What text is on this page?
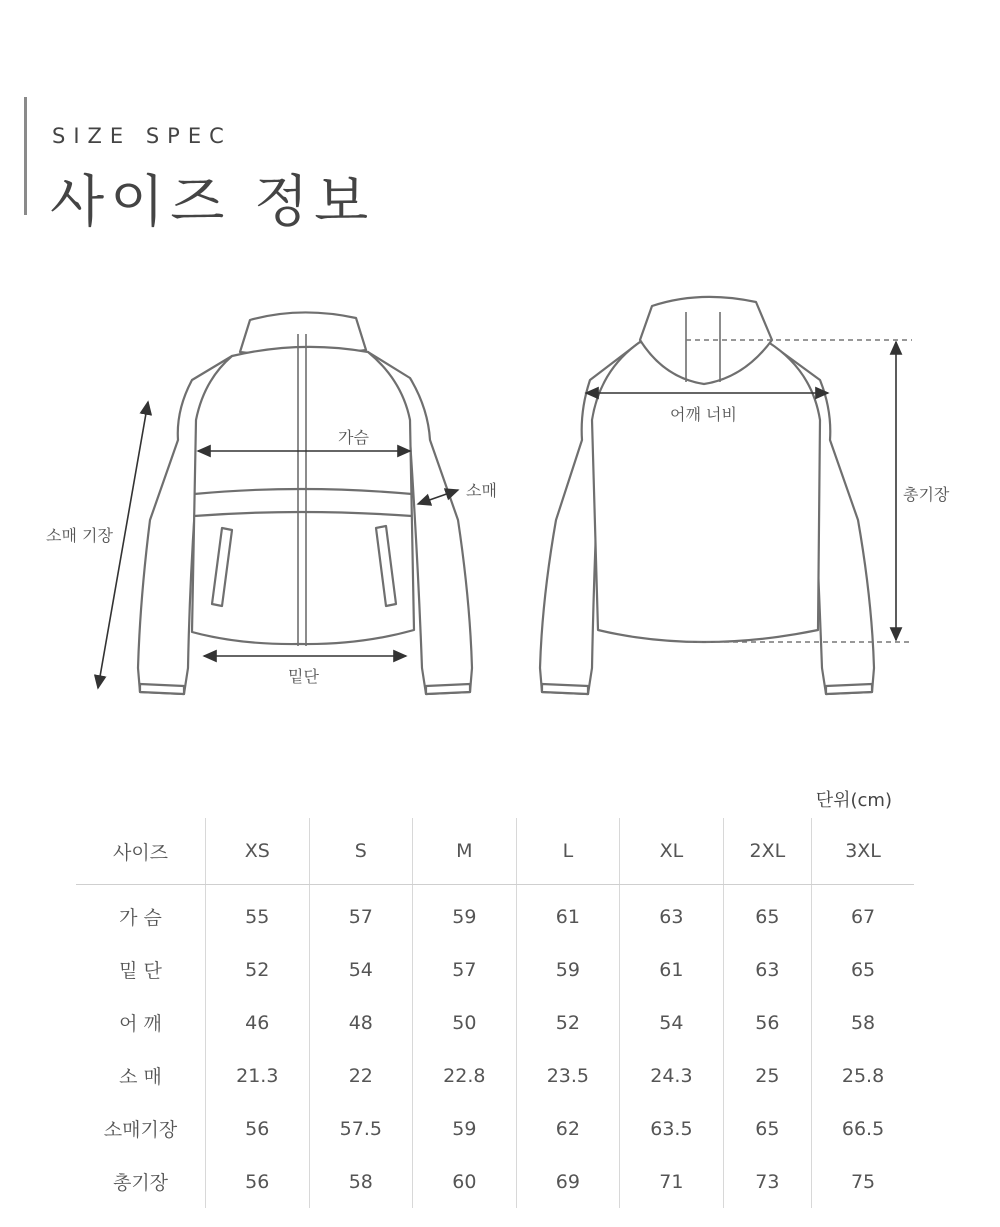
SIZE SPEC
사이즈 정보
가슴
소매
소매 기장
밑단
어깨 너비
총기장
단위(cm)
사이즈	XS	S	M	L	XL	2XL	3XL
가 슴	55	57	59	61	63	65	67
밑 단	52	54	57	59	61	63	65
어 깨	46	48	50	52	54	56	58
소 매	21.3	22	22.8	23.5	24.3	25	25.8
소매기장	56	57.5	59	62	63.5	65	66.5
총기장	56	58	60	69	71	73	75
